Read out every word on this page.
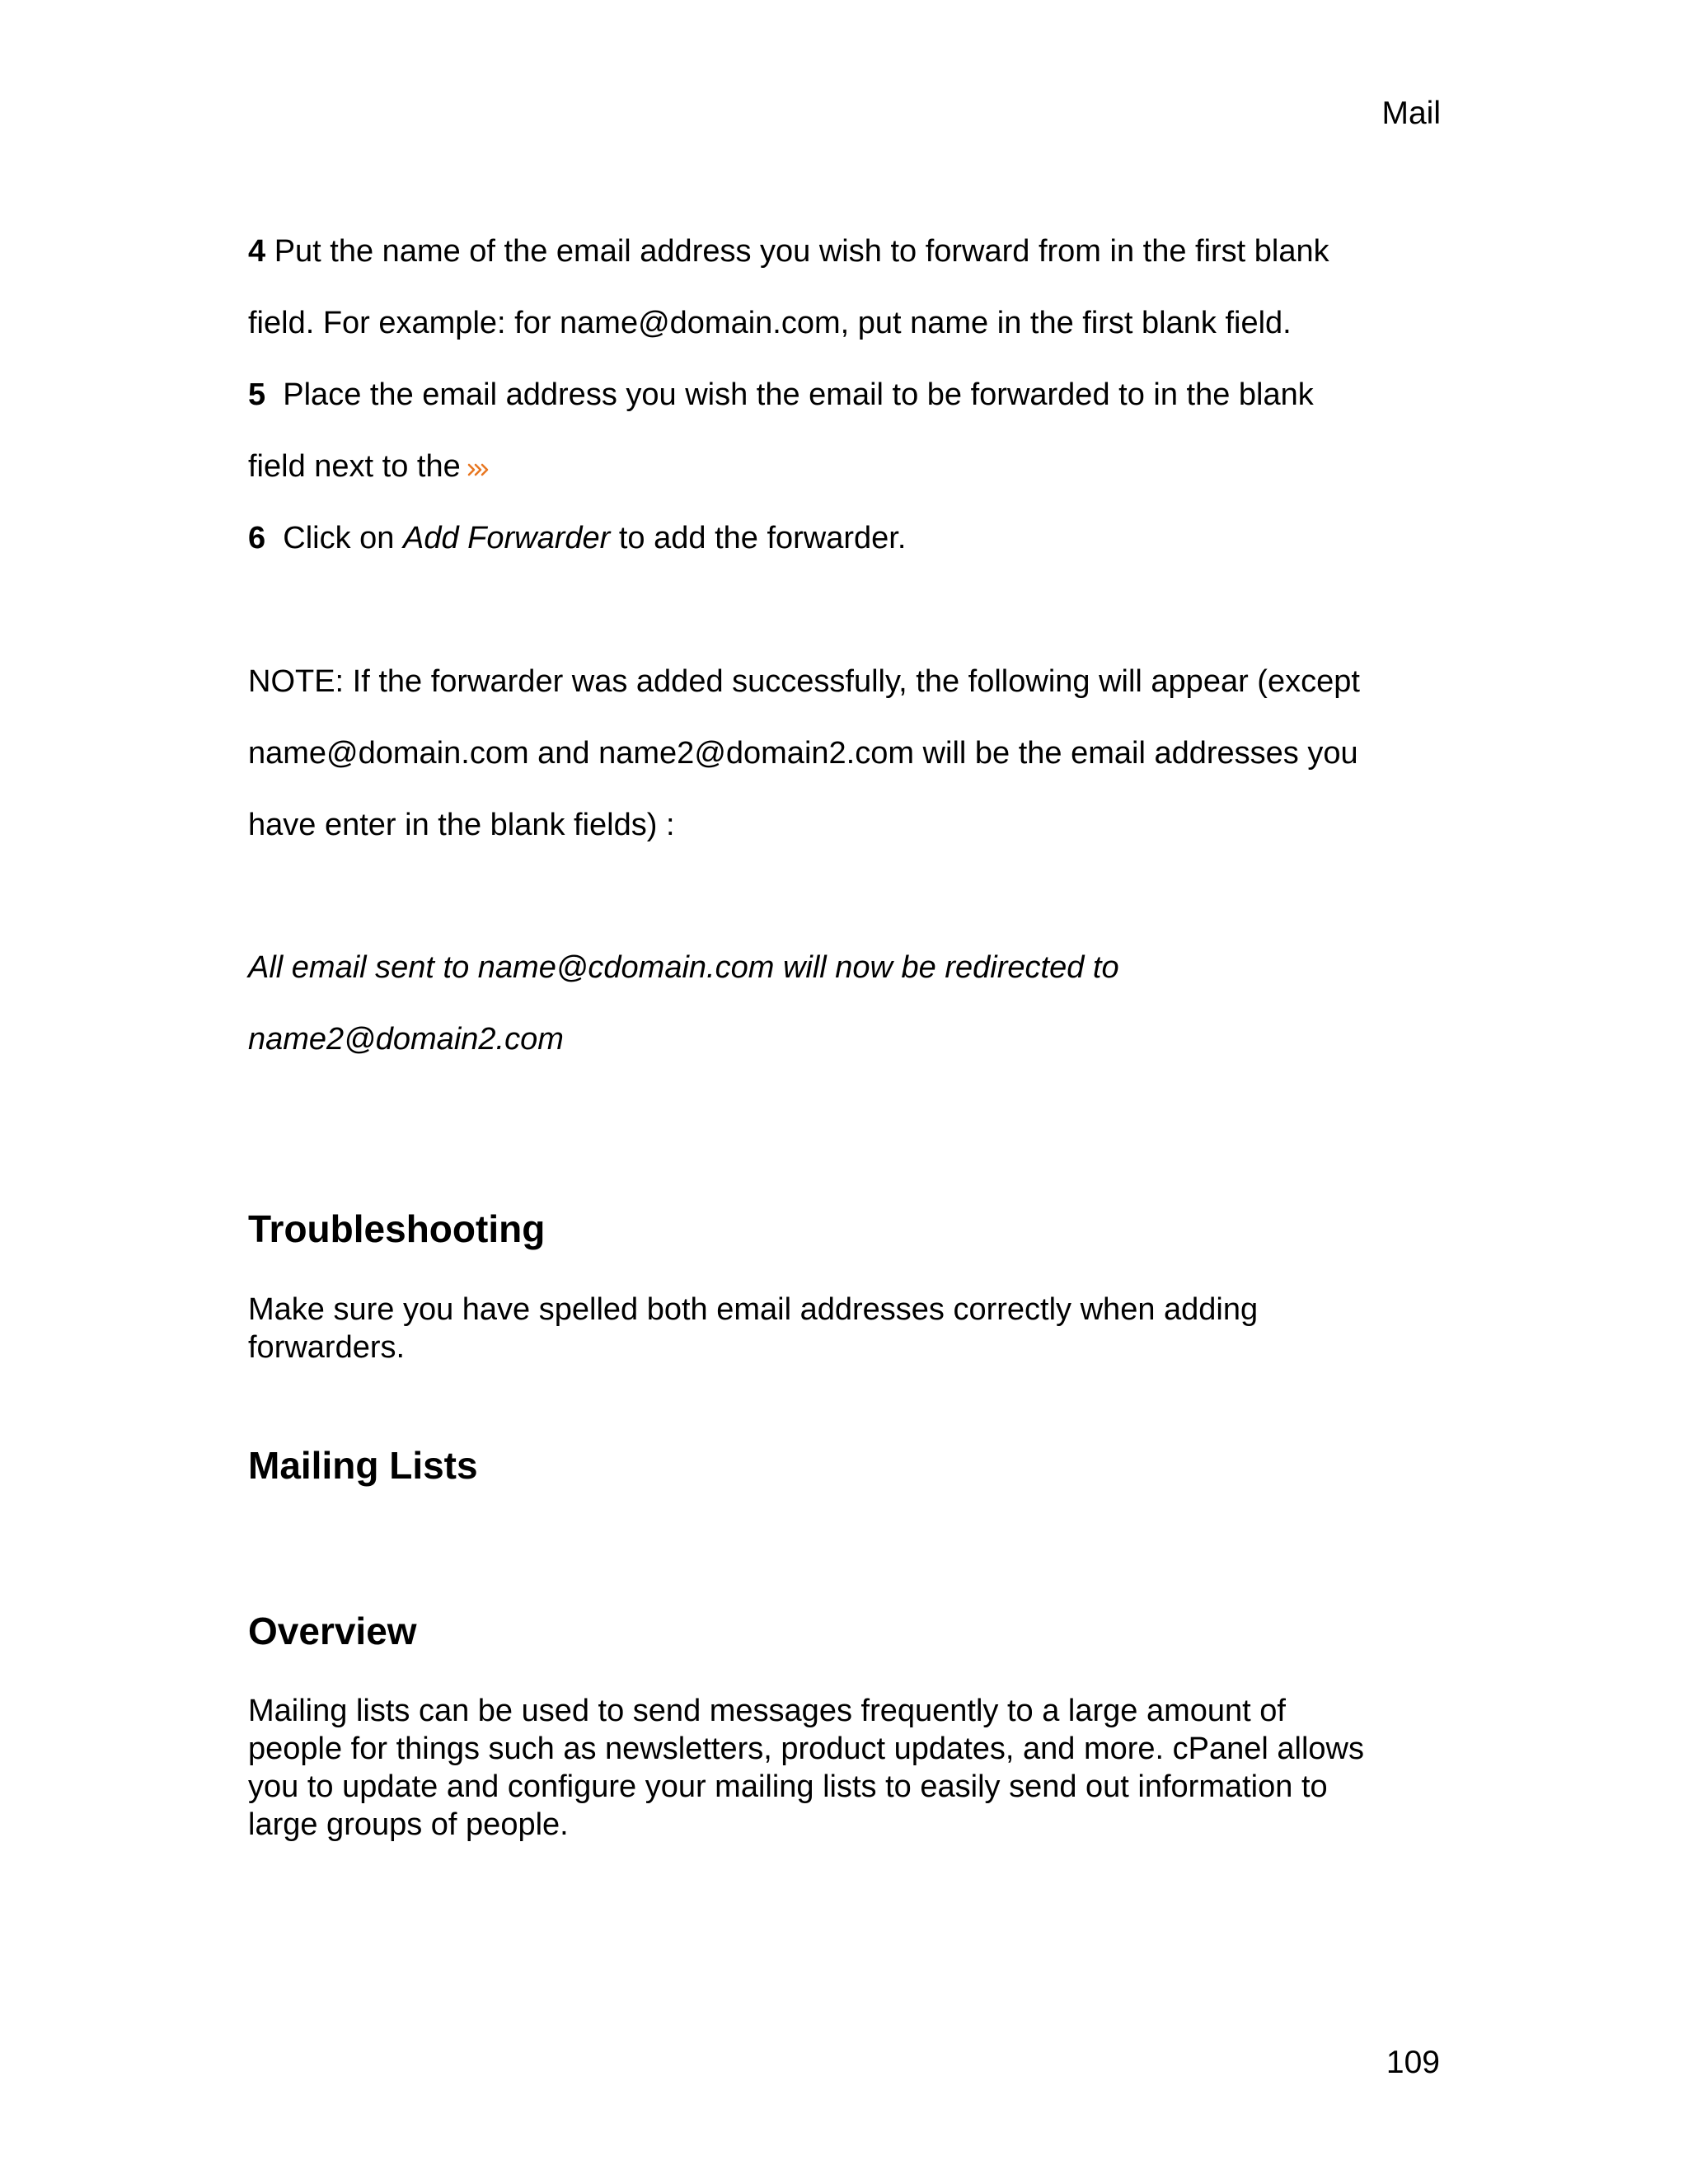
Mail

4 Put the name of the email address you wish to forward from in the first blank

field. For example: for name@domain.com, put name in the first blank field.

5 Place the email address you wish the email to be forwarded to in the blank

field next to the

6 Click on Add Forwarder to add the forwarder.

NOTE: If the forwarder was added successfully, the following will appear (except

name@domain.com and name2@domain2.com will be the email addresses you

have enter in the blank fields) :

All email sent to name@cdomain.com will now be redirected to

name2@domain2.com

Troubleshooting

Make sure you have spelled both email addresses correctly when adding

forwarders.

Mailing Lists
Overview

Mailing lists can be used to send messages frequently to a large amount of

people for things such as newsletters, product updates, and more. cPanel allows

you to update and configure your mailing lists to easily send out information to

large groups of people.

109
